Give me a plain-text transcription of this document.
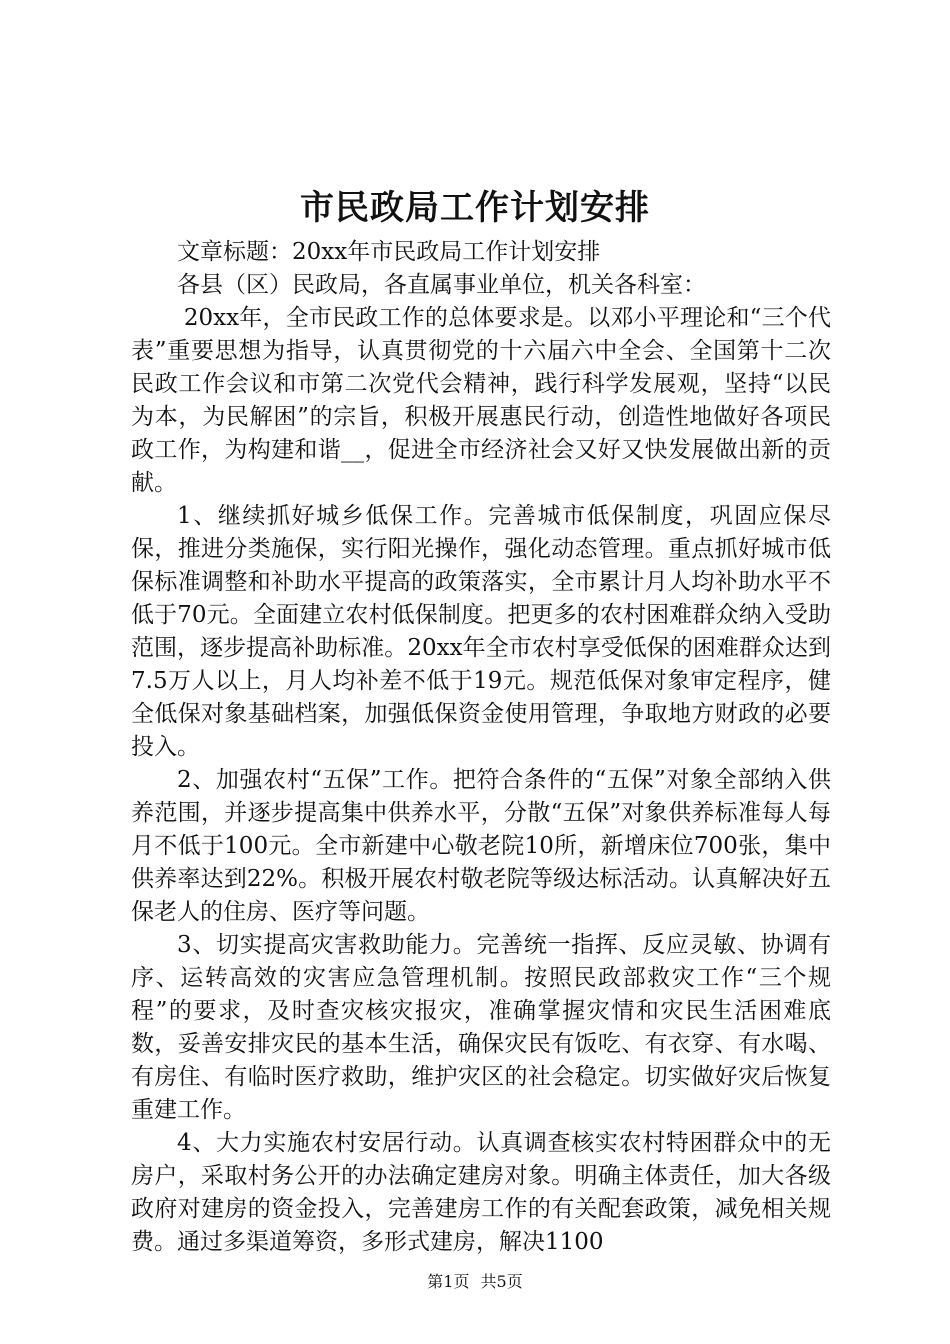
市民政局工作计划安排

文章标题：20xx年市民政局工作计划安排

各县（区）民政局，各直属事业单位，机关各科室：

20xx年，全市民政工作的总体要求是。以邓小平理论和“三个代表”重要思想为指导，认真贯彻党的十六届六中全会、全国第十二次民政工作会议和市第二次党代会精神，践行科学发展观，坚持“以民为本，为民解困”的宗旨，积极开展惠民行动，创造性地做好各项民政工作，为构建和谐__，促进全市经济社会又好又快发展做出新的贡献。

1、继续抓好城乡低保工作。完善城市低保制度，巩固应保尽保，推进分类施保，实行阳光操作，强化动态管理。重点抓好城市低保标准调整和补助水平提高的政策落实，全市累计月人均补助水平不低于70元。全面建立农村低保制度。把更多的农村困难群众纳入受助范围，逐步提高补助标准。20xx年全市农村享受低保的困难群众达到7.5万人以上，月人均补差不低于19元。规范低保对象审定程序，健全低保对象基础档案，加强低保资金使用管理，争取地方财政的必要投入。

2、加强农村“五保”工作。把符合条件的“五保”对象全部纳入供养范围，并逐步提高集中供养水平，分散“五保”对象供养标准每人每月不低于100元。全市新建中心敬老院10所，新增床位700张，集中供养率达到22%。积极开展农村敬老院等级达标活动。认真解决好五保老人的住房、医疗等问题。

3、切实提高灾害救助能力。完善统一指挥、反应灵敏、协调有序、运转高效的灾害应急管理机制。按照民政部救灾工作“三个规程”的要求，及时查灾核灾报灾，准确掌握灾情和灾民生活困难底数，妥善安排灾民的基本生活，确保灾民有饭吃、有衣穿、有水喝、有房住、有临时医疗救助，维护灾区的社会稳定。切实做好灾后恢复重建工作。

4、大力实施农村安居行动。认真调查核实农村特困群众中的无房户，采取村务公开的办法确定建房对象。明确主体责任，加大各级政府对建房的资金投入，完善建房工作的有关配套政策，减免相关规费。通过多渠道筹资，多形式建房，解决1100

第1页 共5页
